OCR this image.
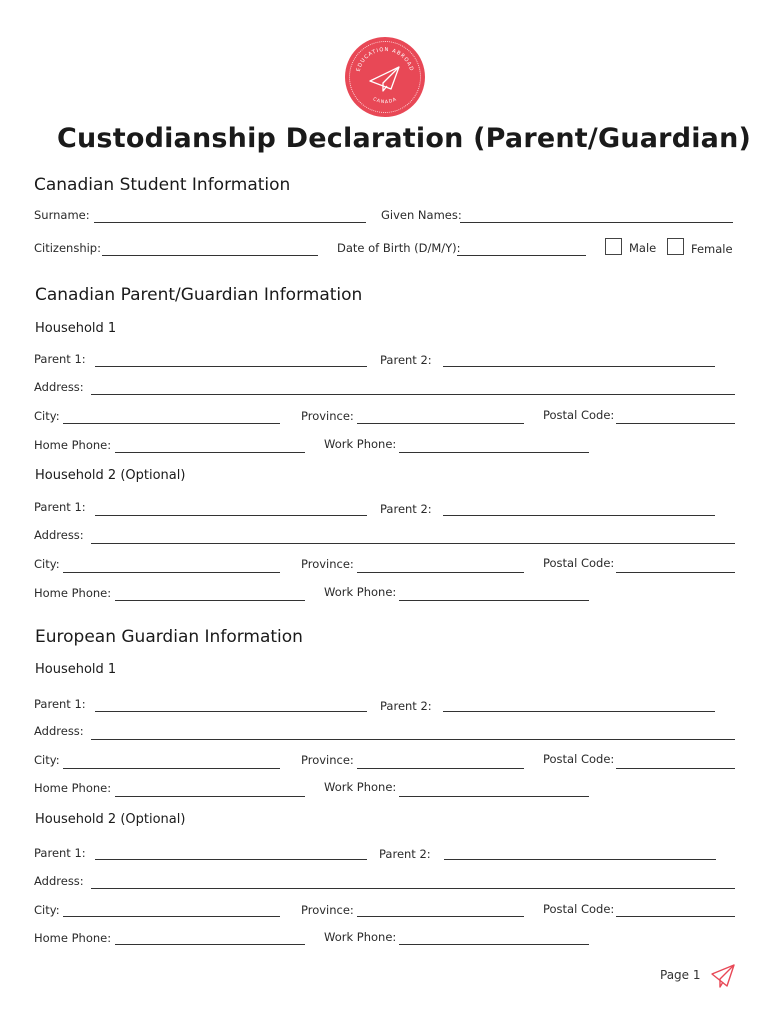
EDUCATION ABROAD
CANADA
Custodianship Declaration (Parent/Guardian)
Canadian Student Information
Surname:	Given Names:
Citizenship:	Date of Birth (D/M/Y):	Male	Female
Canadian Parent/Guardian Information
Household 1
Parent 1:	Parent 2:
Address:
City:	Province:	Postal Code:
Home Phone:	Work Phone:
Household 2 (Optional)
Parent 1:	Parent 2:
Address:
City:	Province:	Postal Code:
Home Phone:	Work Phone:
European Guardian Information
Household 1
Parent 1:	Parent 2:
Address:
City:	Province:	Postal Code:
Home Phone:	Work Phone:
Household 2 (Optional)
Parent 1:	Parent 2:
Address:
City:	Province:	Postal Code:
Home Phone:	Work Phone:
Page 1
